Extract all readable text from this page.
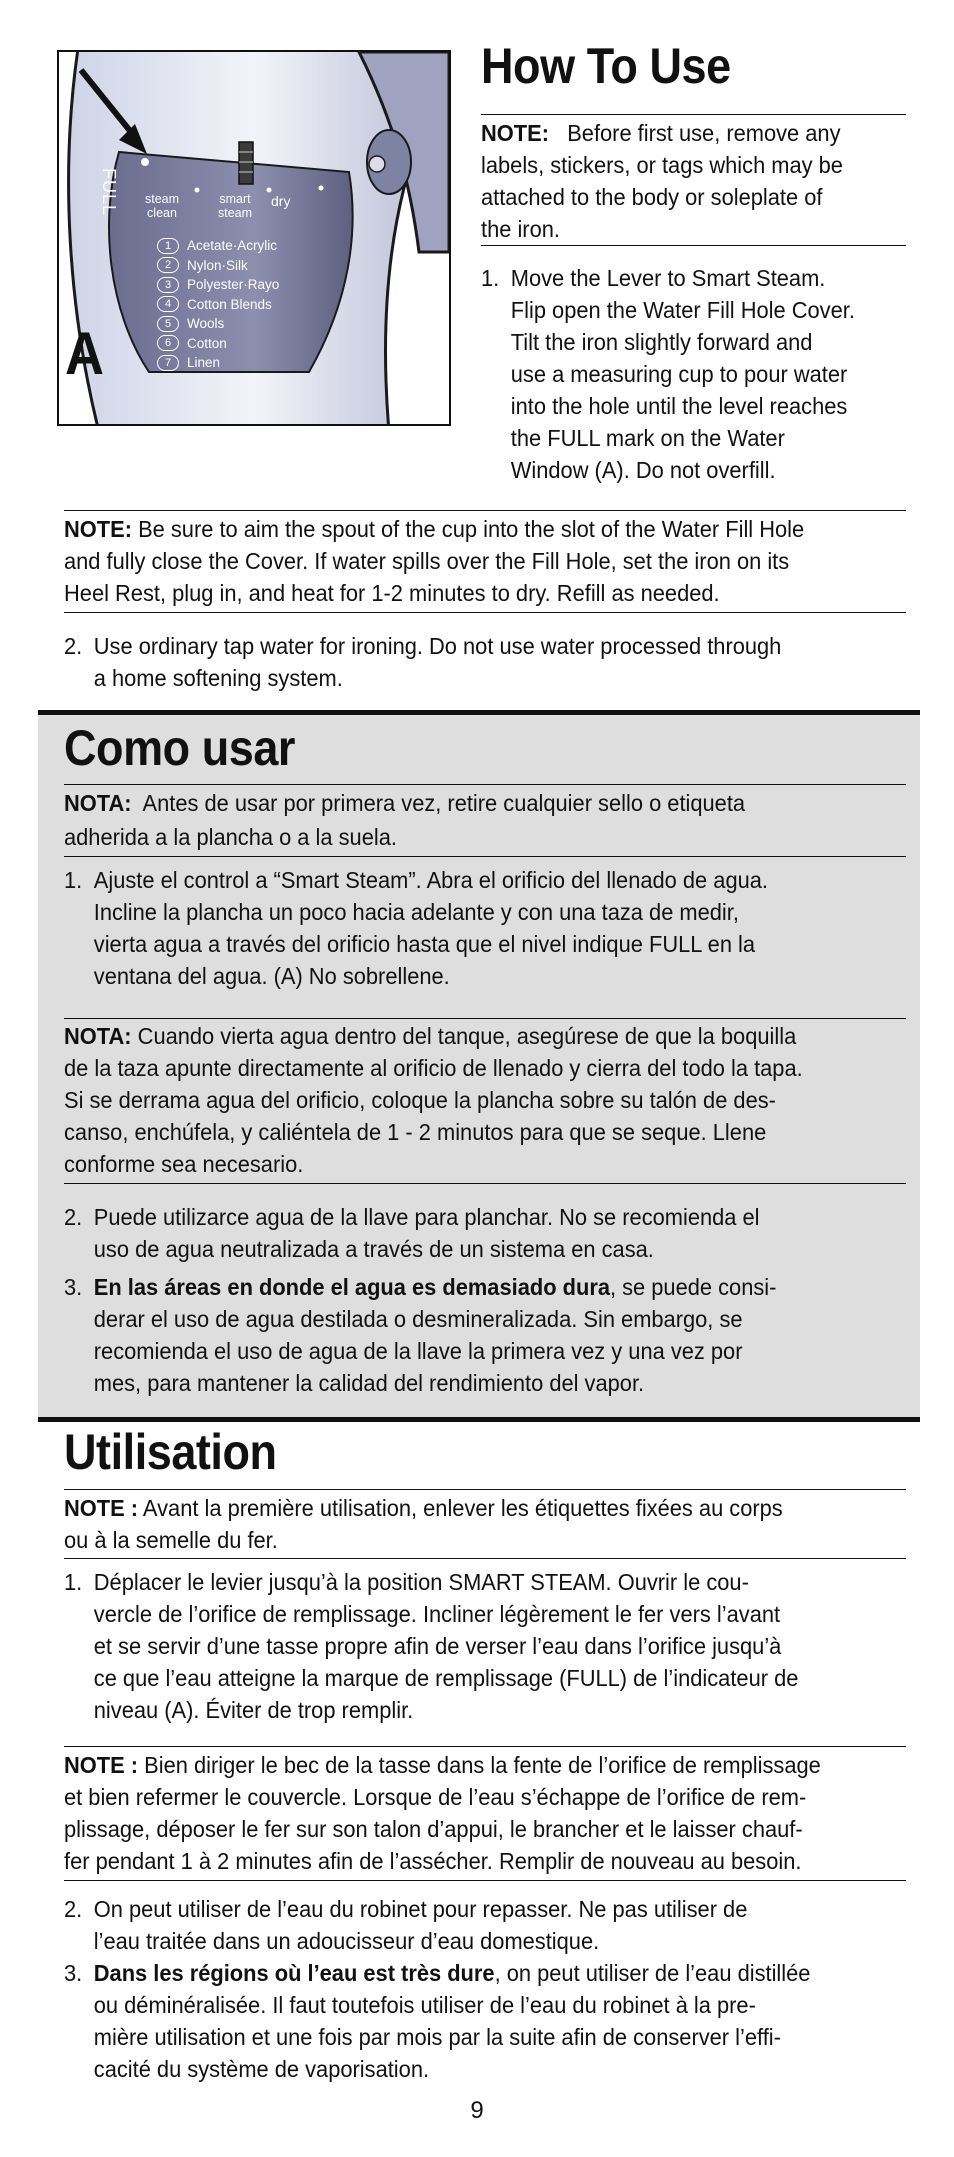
FULL	steam
clean
smart
steam
dry
1	Acetate·Acrylic
2	Nylon·Silk
3	Polyester·Rayo
4	Cotton Blends
5	Wools
6	Cotton
7	Linen
A
How To Use
NOTE: Before first use, remove any
labels, stickers, or tags which may be
attached to the body or soleplate of
the iron.
1. Move the Lever to Smart Steam.
Flip open the Water Fill Hole Cover.
Tilt the iron slightly forward and
use a measuring cup to pour water
into the hole until the level reaches
the FULL mark on the Water
Window (A). Do not overfill.
NOTE: Be sure to aim the spout of the cup into the slot of the Water Fill Hole
and fully close the Cover. If water spills over the Fill Hole, set the iron on its
Heel Rest, plug in, and heat for 1-2 minutes to dry. Refill as needed.
2. Use ordinary tap water for ironing. Do not use water processed through
a home softening system.
Como usar
NOTA: Antes de usar por primera vez, retire cualquier sello o etiqueta
adherida a la plancha o a la suela.
1. Ajuste el control a “Smart Steam”. Abra el orificio del llenado de agua.
Incline la plancha un poco hacia adelante y con una taza de medir,
vierta agua a través del orificio hasta que el nivel indique FULL en la
ventana del agua. (A) No sobrellene.
NOTA: Cuando vierta agua dentro del tanque, asegúrese de que la boquilla
de la taza apunte directamente al orificio de llenado y cierra del todo la tapa.
Si se derrama agua del orificio, coloque la plancha sobre su talón de des-
canso, enchúfela, y caliéntela de 1 - 2 minutos para que se seque. Llene
conforme sea necesario.
2. Puede utilizarce agua de la llave para planchar. No se recomienda el
uso de agua neutralizada a través de un sistema en casa.
3. En las áreas en donde el agua es demasiado dura, se puede consi-
derar el uso de agua destilada o desmineralizada. Sin embargo, se
recomienda el uso de agua de la llave la primera vez y una vez por
mes, para mantener la calidad del rendimiento del vapor.
Utilisation
NOTE : Avant la première utilisation, enlever les étiquettes fixées au corps
ou à la semelle du fer.
1. Déplacer le levier jusqu’à la position SMART STEAM. Ouvrir le cou-
vercle de l’orifice de remplissage. Incliner légèrement le fer vers l’avant
et se servir d’une tasse propre afin de verser l’eau dans l’orifice jusqu’à
ce que l’eau atteigne la marque de remplissage (FULL) de l’indicateur de
niveau (A). Éviter de trop remplir.
NOTE : Bien diriger le bec de la tasse dans la fente de l’orifice de remplissage
et bien refermer le couvercle. Lorsque de l’eau s’échappe de l’orifice de rem-
plissage, déposer le fer sur son talon d’appui, le brancher et le laisser chauf-
fer pendant 1 à 2 minutes afin de l’assécher. Remplir de nouveau au besoin.
2. On peut utiliser de l’eau du robinet pour repasser. Ne pas utiliser de
l’eau traitée dans un adoucisseur d’eau domestique.
3. Dans les régions où l’eau est très dure, on peut utiliser de l’eau distillée
ou déminéralisée. Il faut toutefois utiliser de l’eau du robinet à la pre-
mière utilisation et une fois par mois par la suite afin de conserver l’effi-
cacité du système de vaporisation.
9
